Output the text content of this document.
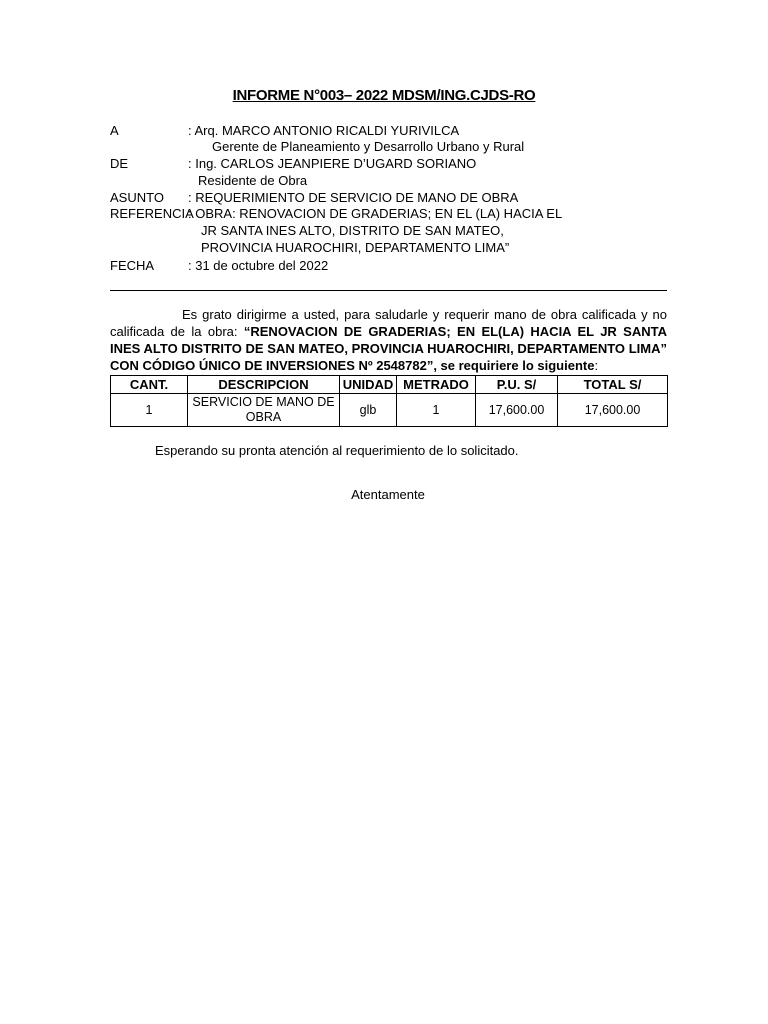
INFORME N°003– 2022 MDSM/ING.CJDS-RO
A	: Arq. MARCO ANTONIO RICALDI YURIVILCA
Gerente de Planeamiento y Desarrollo Urbano y Rural
DE	: Ing. CARLOS JEANPIERE D’UGARD SORIANO
Residente de Obra
ASUNTO : REQUERIMIENTO DE SERVICIO DE MANO DE OBRA
REFERENCIA
: OBRA: RENOVACION DE GRADERIAS; EN EL (LA) HACIA EL
JR SANTA INES ALTO, DISTRITO DE SAN MATEO,
PROVINCIA HUAROCHIRI, DEPARTAMENTO LIMA”
FECHA	: 31 de octubre del 2022
Es grato dirigirme a usted, para saludarle y requerir mano de obra calificada y no calificada de la obra: “RENOVACION DE GRADERIAS; EN EL(LA) HACIA EL JR SANTA INES ALTO DISTRITO DE SAN MATEO, PROVINCIA HUAROCHIRI, DEPARTAMENTO LIMA” CON CÓDIGO ÚNICO DE INVERSIONES Nº 2548782”, se requiriere lo siguiente:
CANT.	DESCRIPCION	UNIDAD	METRADO	P.U. S/	TOTAL S/
1	SERVICIO DE MANO DE OBRA	glb	1	17,600.00	17,600.00
Esperando su pronta atención al requerimiento de lo solicitado.
Atentamente
